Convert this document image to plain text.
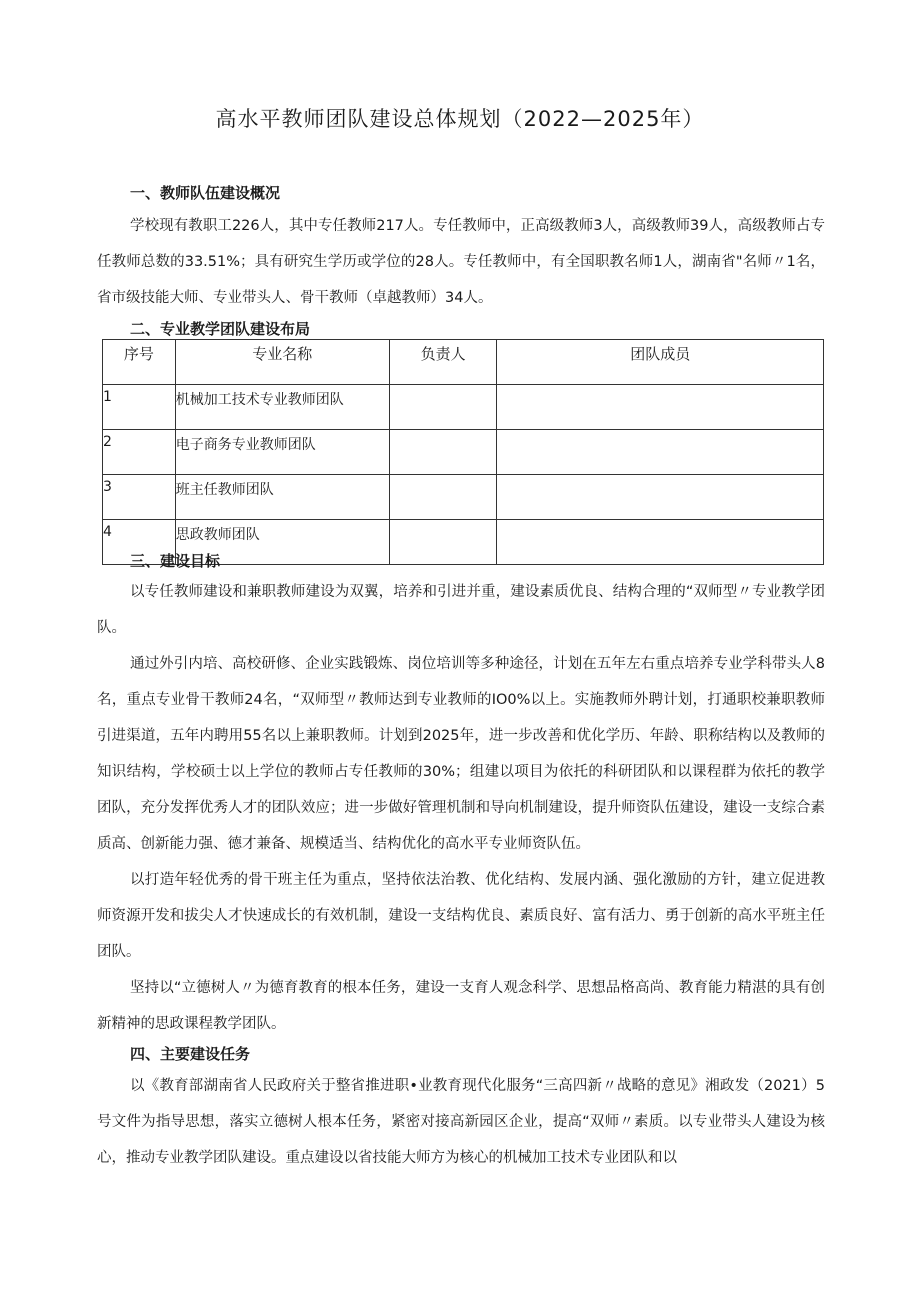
高水平教师团队建设总体规划（2022—2025年）
一、教师队伍建设概况

学校现有教职工226人，其中专任教师217人。专任教师中，正高级教师3人，高级教师39人，高级教师占专任教师总数的33.51%；具有研究生学历或学位的28人。专任教师中，有全国职教名师1人，湖南省"名师〃1名，省市级技能大师、专业带头人、骨干教师（卓越教师）34人。

二、专业教学团队建设布局
序号	专业名称	负责人	团队成员
1	机械加工技术专业教师团队		
2	电子商务专业教师团队		
3	班主任教师团队		
4	思政教师团队		
三、建设目标

以专任教师建设和兼职教师建设为双翼，培养和引进并重，建设素质优良、结构合理的“双师型〃专业教学团队。

通过外引内培、高校研修、企业实践锻炼、岗位培训等多种途径，计划在五年左右重点培养专业学科带头人8名，重点专业骨干教师24名，“双师型〃教师达到专业教师的IO0%以上。实施教师外聘计划，打通职校兼职教师引进渠道，五年内聘用55名以上兼职教师。计划到2025年，进一步改善和优化学历、年龄、职称结构以及教师的知识结构，学校硕士以上学位的教师占专任教师的30%；组建以项目为依托的科研团队和以课程群为依托的教学团队，充分发挥优秀人才的团队效应；进一步做好管理机制和导向机制建设，提升师资队伍建设，建设一支综合素质高、创新能力强、德才兼备、规模适当、结构优化的高水平专业师资队伍。

以打造年轻优秀的骨干班主任为重点，坚持依法治教、优化结构、发展内涵、强化激励的方针，建立促进教师资源开发和拔尖人才快速成长的有效机制，建设一支结构优良、素质良好、富有活力、勇于创新的高水平班主任团队。

坚持以“立德树人〃为德育教育的根本任务，建设一支育人观念科学、思想品格高尚、教育能力精湛的具有创新精神的思政课程教学团队。

四、主要建设任务

以《教育部湖南省人民政府关于整省推进职•业教育现代化服务“三高四新〃战略的意见》湘政发（2021）5号文件为指导思想，落实立德树人根本任务，紧密对接高新园区企业，提高“双师〃素质。以专业带头人建设为核心，推动专业教学团队建设。重点建设以省技能大师方为核心的机械加工技术专业团队和以
